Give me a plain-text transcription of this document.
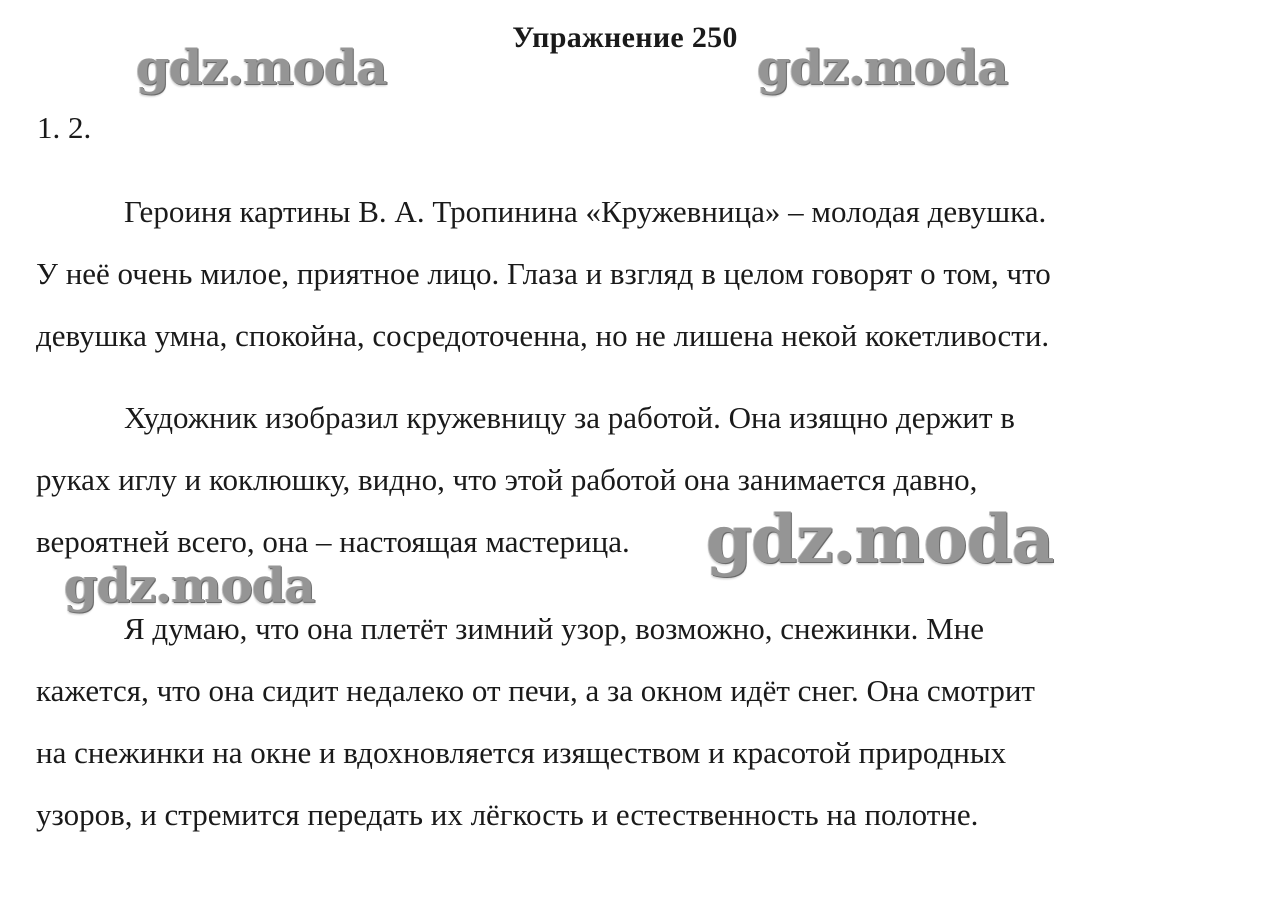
Упражнение 250
1. 2.
Героиня картины В. А. Тропинина «Кружевница» – молодая девушка.
У неё очень милое, приятное лицо. Глаза и взгляд в целом говорят о том, что
девушка умна, спокойна, сосредоточенна, но не лишена некой кокетливости.
Художник изобразил кружевницу за работой. Она изящно держит в
руках иглу и коклюшку, видно, что этой работой она занимается давно,
вероятней всего, она – настоящая мастерица.
Я думаю, что она плетёт зимний узор, возможно, снежинки. Мне
кажется, что она сидит недалеко от печи, а за окном идёт снег. Она смотрит
на снежинки на окне и вдохновляется изяществом и красотой природных
узоров, и стремится передать их лёгкость и естественность на полотне.
gdz.moda	gdz.moda
gdz.moda
gdz.moda
